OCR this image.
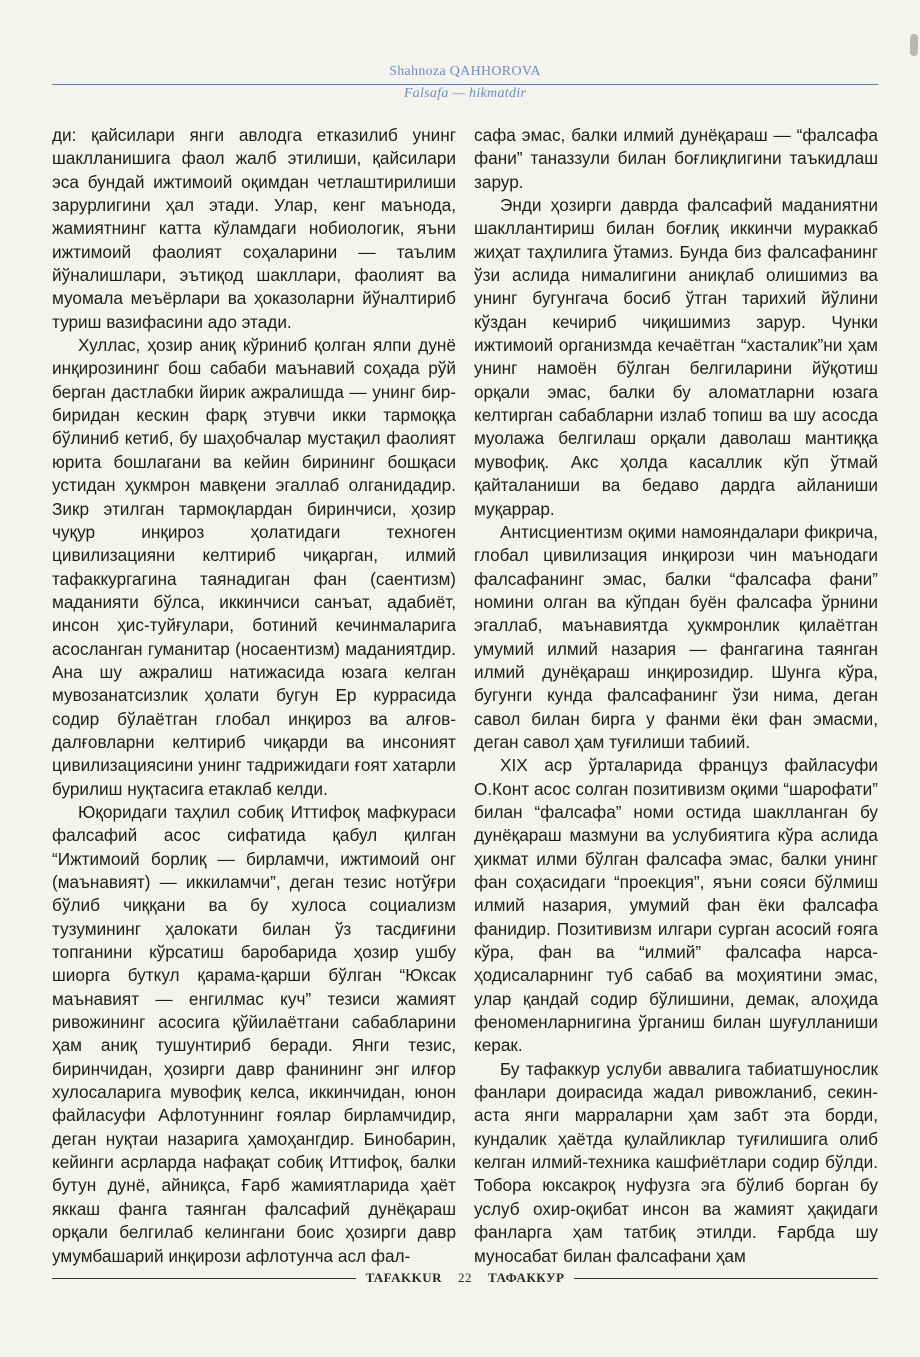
Shahnoza QAHHOROVA
Falsafa — hikmatdir

ди: қайсилари янги авлодга етказилиб унинг шаклланишига фаол жалб этилиши, қайсилари эса бундай ижтимоий оқимдан четлаштирилиши зарурлигини ҳал этади. Улар, кенг маънода, жамиятнинг катта кўламдаги нобиологик, яъни ижтимоий фаолият соҳаларини — таълим йўналишлари, эътиқод шакллари, фаолият ва муомала меъёрлари ва ҳоказоларни йўналтириб туриш вазифасини адо этади.

Хуллас, ҳозир аниқ кўриниб қолган ялпи дунё инқирозининг бош сабаби маънавий соҳада рўй берган дастлабки йирик ажралишда — унинг бир-биридан кескин фарқ этувчи икки тармоққа бўлиниб кетиб, бу шаҳобчалар мустақил фаолият юрита бошлагани ва кейин бирининг бошқаси устидан ҳукмрон мавқени эгаллаб олганидадир. Зикр этилган тармоқлардан биринчиси, ҳозир чуқур инқироз ҳолатидаги техноген цивилизацияни келтириб чиқарган, илмий тафаккургагина таянадиган фан (саентизм) маданияти бўлса, иккинчиси санъат, адабиёт, инсон ҳис-туйғулари, ботиний кечинмаларига асосланган гуманитар (носаентизм) маданиятдир. Ана шу ажралиш натижасида юзага келган мувозанатсизлик ҳолати бугун Ер куррасида содир бўлаётган глобал инқироз ва алғов-далғовларни келтириб чиқарди ва инсоният цивилизациясини унинг тадрижидаги ғоят хатарли бурилиш нуқтасига етаклаб келди.

Юқоридаги таҳлил собиқ Иттифоқ мафкураси фалсафий асос сифатида қабул қилган “Ижтимоий борлиқ — бирламчи, ижтимоий онг (маънавият) — иккиламчи”, деган тезис нотўғри бўлиб чиққани ва бу хулоса социализм тузумининг ҳалокати билан ўз тасдиғини топганини кўрсатиш баробарида ҳозир ушбу шиорга буткул қарама-қарши бўлган “Юксак маънавият — енгилмас куч” тезиси жамият ривожининг асосига қўйилаётгани сабабларини ҳам аниқ тушунтириб беради. Янги тезис, биринчидан, ҳозирги давр фанининг энг илғор хулосаларига мувофиқ келса, иккинчидан, юнон файласуфи Афлотуннинг ғоялар бирламчидир, деган нуқтаи назарига ҳамоҳангдир. Бинобарин, кейинги асрларда нафақат собиқ Иттифоқ, балки бутун дунё, айниқса, Ғарб жамиятларида ҳаёт яккаш фанга таянган фалсафий дунёқараш орқали белгилаб келингани боис ҳозирги давр умумбашарий инқирози афлотунча асл фал-

сафа эмас, балки илмий дунёқараш — “фалсафа фани” таназзули билан боғлиқлигини таъкидлаш зарур.

Энди ҳозирги даврда фалсафий маданиятни шакллантириш билан боғлиқ иккинчи мураккаб жиҳат таҳлилига ўтамиз. Бунда биз фалсафанинг ўзи аслида нималигини аниқлаб олишимиз ва унинг бугунгача босиб ўтган тарихий йўлини кўздан кечириб чиқишимиз зарур. Чунки ижтимоий организмда кечаётган “хасталик”ни ҳам унинг намоён бўлган белгиларини йўқотиш орқали эмас, балки бу аломатларни юзага келтирган сабабларни излаб топиш ва шу асосда муолажа белгилаш орқали даволаш мантиққа мувофиқ. Акс ҳолда касаллик кўп ўтмай қайталаниши ва бедаво дардга айланиши муқаррар.

Антисциентизм оқими намояндалари фикрича, глобал цивилизация инқирози чин маънодаги фалсафанинг эмас, балки “фалсафа фани” номини олган ва кўпдан буён фалсафа ўрнини эгаллаб, маънавиятда ҳукмронлик қилаётган умумий илмий назария — фангагина таянган илмий дунёқараш инқирозидир. Шунга кўра, бугунги кунда фалсафанинг ўзи нима, деган савол билан бирга у фанми ёки фан эмасми, деган савол ҳам туғилиши табиий.

XIX аср ўрталарида француз файласуфи О.Конт асос солган позитивизм оқими “шарофати” билан “фалсафа” номи остида шаклланган бу дунёқараш мазмуни ва услубиятига кўра аслида ҳикмат илми бўлган фалсафа эмас, балки унинг фан соҳасидаги “проекция”, яъни сояси бўлмиш илмий назария, умумий фан ёки фалсафа фанидир. Позитивизм илгари сурган асосий ғояга кўра, фан ва “илмий” фалсафа нарса-ҳодисаларнинг туб сабаб ва моҳиятини эмас, улар қандай содир бўлишини, демак, алоҳида феноменларнигина ўрганиш билан шуғулланиши керак.

Бу тафаккур услуби аввалига табиатшунослик фанлари доирасида жадал ривожланиб, секин-аста янги марраларни ҳам забт эта борди, кундалик ҳаётда қулайликлар туғилишига олиб келган илмий-техника кашфиётлари содир бўлди. Тобора юксакроқ нуфузга эга бўлиб борган бу услуб охир-оқибат инсон ва жамият ҳақидаги фанларга ҳам татбиқ этилди. Ғарбда шу муносабат билан фалсафани ҳам

TAFAKKUR 22 ТАФАККУР
